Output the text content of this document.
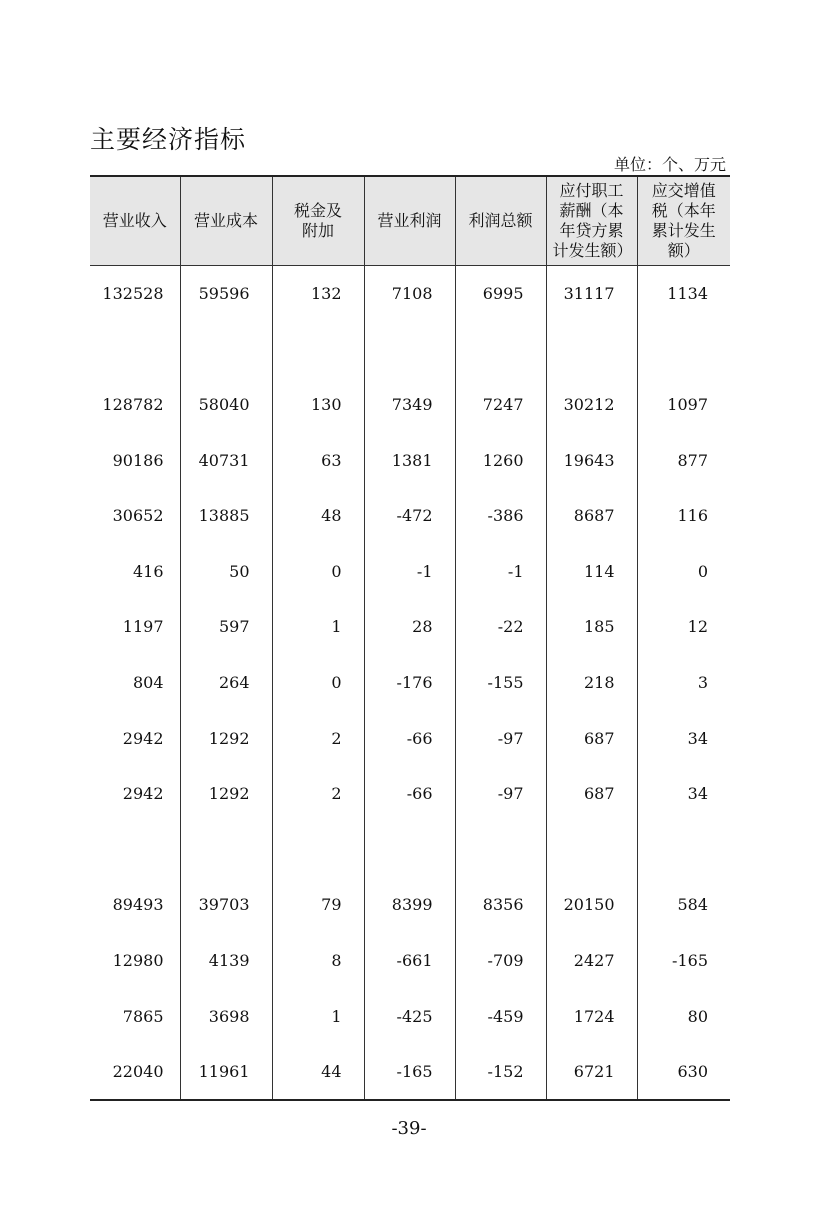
主要经济指标
单位：个、万元
营业收入	营业成本	税金及附加	营业利润	利润总额	应付职工薪酬（本年贷方累计发生额）	应交增值税（本年累计发生额）
132528	59596	132	7108	6995	31117	1134

128782	58040	130	7349	7247	30212	1097
90186	40731	63	1381	1260	19643	877
30652	13885	48	-472	-386	8687	116
416	50	0	-1	-1	114	0
1197	597	1	28	-22	185	12
804	264	0	-176	-155	218	3
2942	1292	2	-66	-97	687	34
2942	1292	2	-66	-97	687	34

89493	39703	79	8399	8356	20150	584
12980	4139	8	-661	-709	2427	-165
7865	3698	1	-425	-459	1724	80
22040	11961	44	-165	-152	6721	630
-39-
